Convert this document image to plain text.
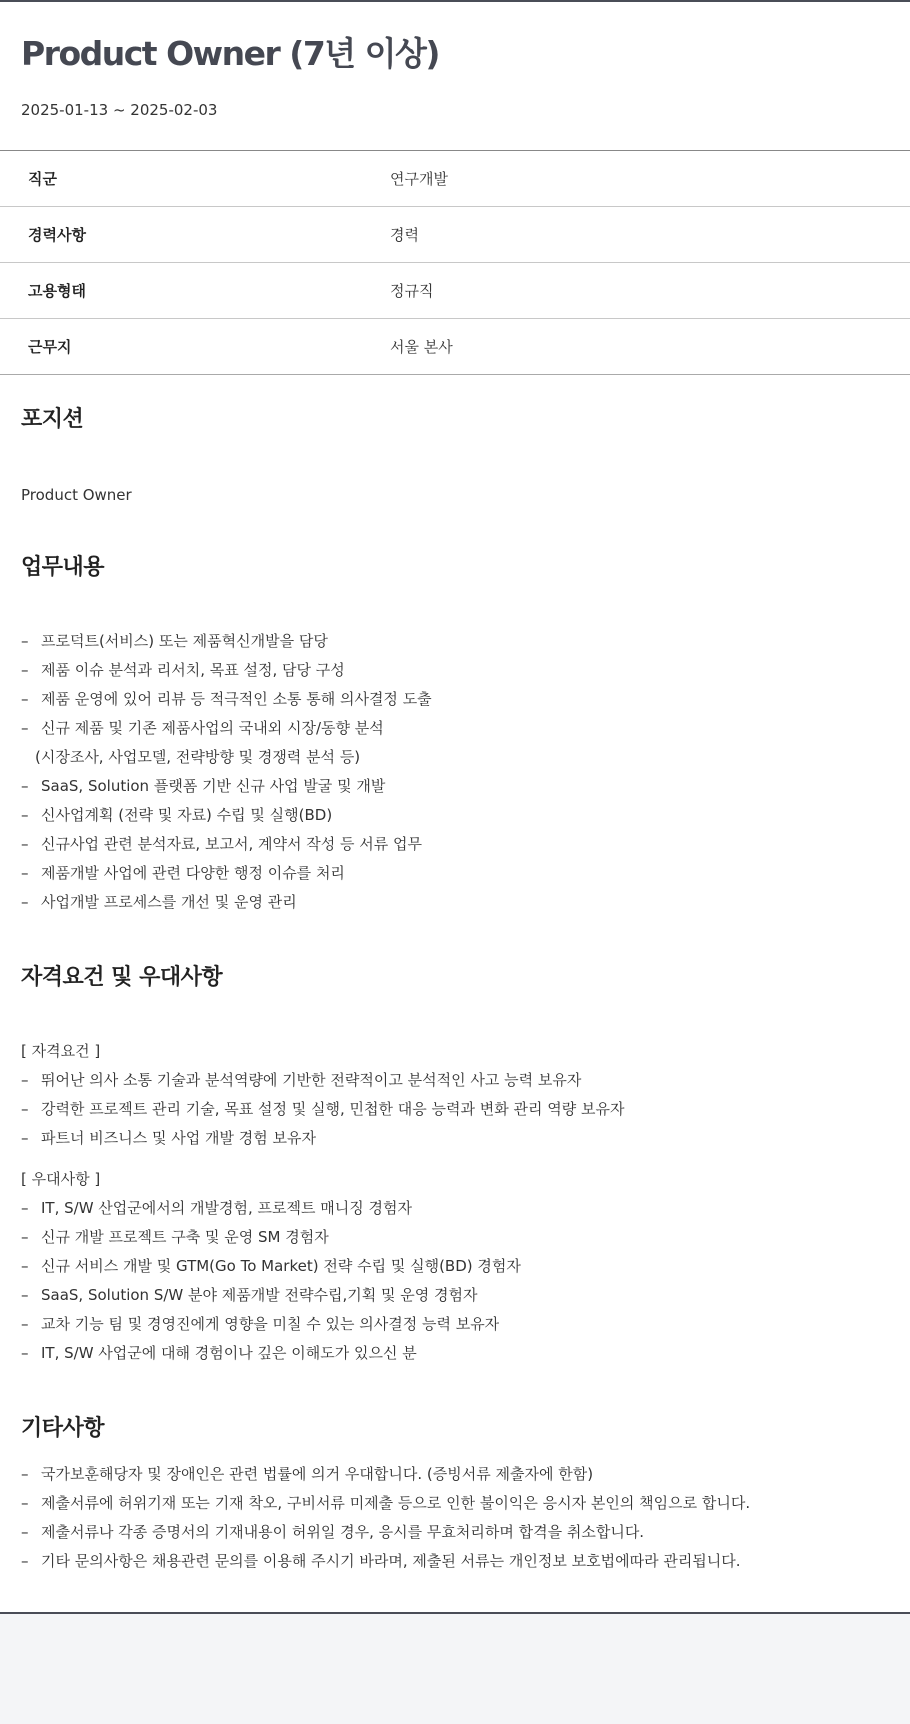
Product Owner (7년 이상)
2025-01-13 ~ 2025-02-03
직군	연구개발
경력사항	경력
고용형태	정규직
근무지	서울 본사
포지션
Product Owner
업무내용
– 프로덕트(서비스) 또는 제품혁신개발을 담당
– 제품 이슈 분석과 리서치, 목표 설정, 담당 구성
– 제품 운영에 있어 리뷰 등 적극적인 소통 통해 의사결정 도출
– 신규 제품 및 기존 제품사업의 국내외 시장/동향 분석
(시장조사, 사업모델, 전략방향 및 경쟁력 분석 등)
– SaaS, Solution 플랫폼 기반 신규 사업 발굴 및 개발
– 신사업계획 (전략 및 자료) 수립 및 실행(BD)
– 신규사업 관련 분석자료, 보고서, 계약서 작성 등 서류 업무
– 제품개발 사업에 관련 다양한 행정 이슈를 처리
– 사업개발 프로세스를 개선 및 운영 관리
자격요건 및 우대사항
[ 자격요건 ]
– 뛰어난 의사 소통 기술과 분석역량에 기반한 전략적이고 분석적인 사고 능력 보유자
– 강력한 프로젝트 관리 기술, 목표 설정 및 실행, 민첩한 대응 능력과 변화 관리 역량 보유자
– 파트너 비즈니스 및 사업 개발 경험 보유자
[ 우대사항 ]
– IT, S/W 산업군에서의 개발경험, 프로젝트 매니징 경험자
– 신규 개발 프로젝트 구축 및 운영 SM 경험자
– 신규 서비스 개발 및 GTM(Go To Market) 전략 수립 및 실행(BD) 경험자
– SaaS, Solution S/W 분야 제품개발 전략수립,기획 및 운영 경험자
– 교차 기능 팀 및 경영진에게 영향을 미칠 수 있는 의사결정 능력 보유자
– IT, S/W 사업군에 대해 경험이나 깊은 이해도가 있으신 분
기타사항
– 국가보훈해당자 및 장애인은 관련 법률에 의거 우대합니다. (증빙서류 제출자에 한함)
– 제출서류에 허위기재 또는 기재 착오, 구비서류 미제출 등으로 인한 불이익은 응시자 본인의 책임으로 합니다.
– 제출서류나 각종 증명서의 기재내용이 허위일 경우, 응시를 무효처리하며 합격을 취소합니다.
– 기타 문의사항은 채용관련 문의를 이용해 주시기 바라며, 제출된 서류는 개인정보 보호법에따라 관리됩니다.
